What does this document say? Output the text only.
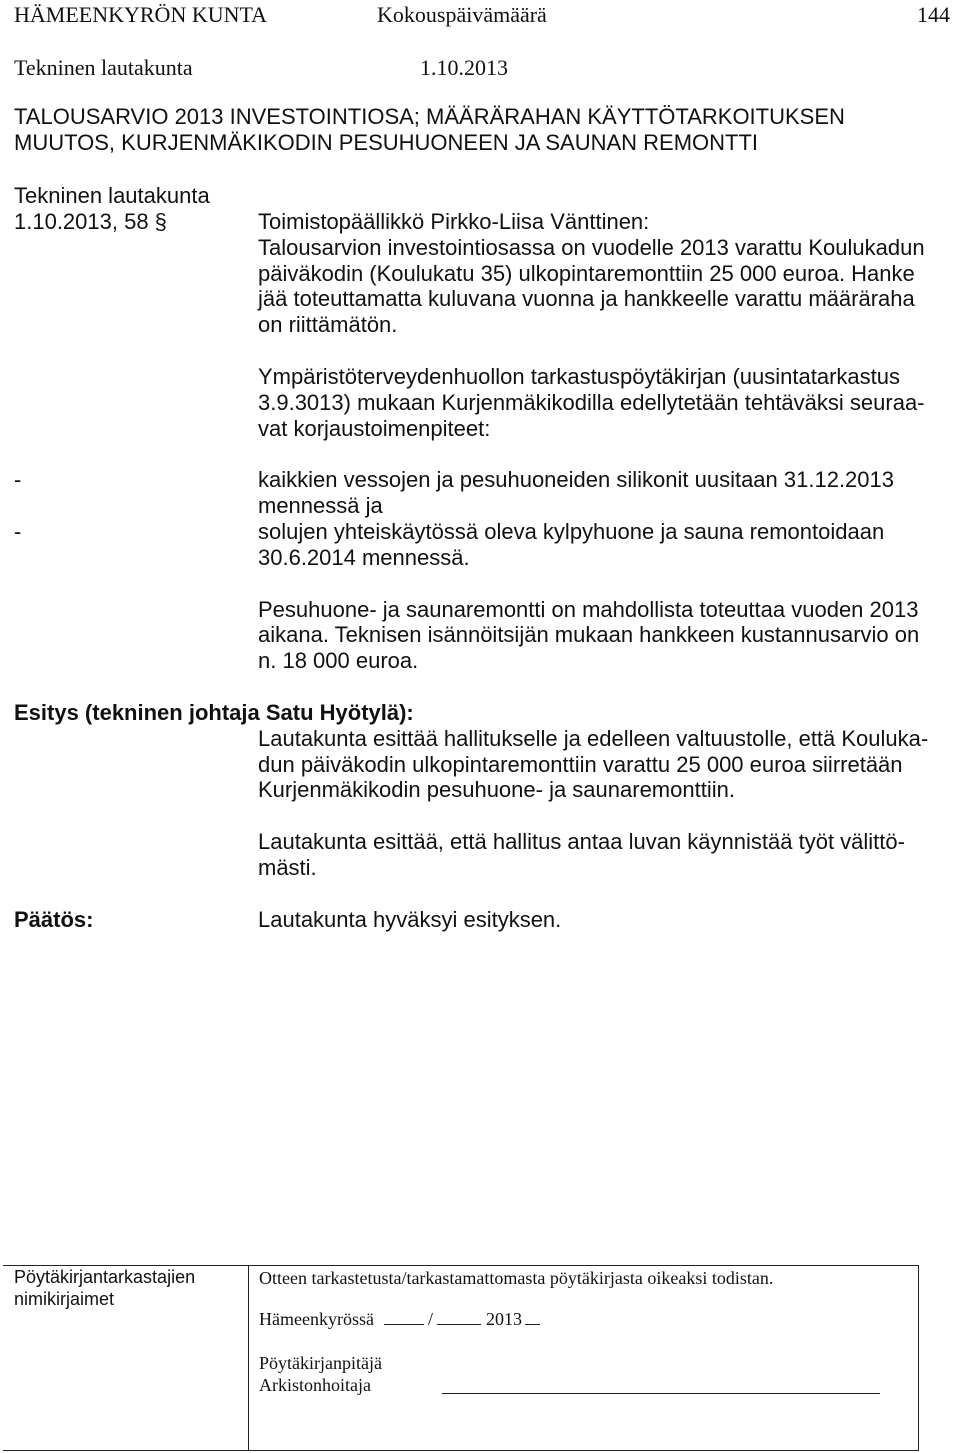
HÄMEENKYRÖN KUNTA	Kokouspäivämäärä	144
Tekninen lautakunta	1.10.2013
TALOUSARVIO 2013 INVESTOINTIOSA; MÄÄRÄRAHAN KÄYTTÖTARKOITUKSEN
MUUTOS, KURJENMÄKIKODIN PESUHUONEEN JA SAUNAN REMONTTI
Tekninen lautakunta
1.10.2013, 58 §	Toimistopäällikkö Pirkko-Liisa Vänttinen:
Talousarvion investointiosassa on vuodelle 2013 varattu Koulukadun
päiväkodin (Koulukatu 35) ulkopintaremonttiin 25 000 euroa. Hanke
jää toteuttamatta kuluvana vuonna ja hankkeelle varattu määräraha
on riittämätön.
Ympäristöterveydenhuollon tarkastuspöytäkirjan (uusintatarkastus
3.9.3013) mukaan Kurjenmäkikodilla edellytetään tehtäväksi seuraa-
vat korjaustoimenpiteet:
-	kaikkien vessojen ja pesuhuoneiden silikonit uusitaan 31.12.2013
mennessä ja
-	solujen yhteiskäytössä oleva kylpyhuone ja sauna remontoidaan
30.6.2014 mennessä.
Pesuhuone- ja saunaremontti on mahdollista toteuttaa vuoden 2013
aikana. Teknisen isännöitsijän mukaan hankkeen kustannusarvio on
n. 18 000 euroa.
Esitys (tekninen johtaja Satu Hyötylä):
Lautakunta esittää hallitukselle ja edelleen valtuustolle, että Kouluka-
dun päiväkodin ulkopintaremonttiin varattu 25 000 euroa siirretään
Kurjenmäkikodin pesuhuone- ja saunaremonttiin.
Lautakunta esittää, että hallitus antaa luvan käynnistää työt välittö-
mästi.
Päätös:	Lautakunta hyväksyi esityksen.
Pöytäkirjantarkastajien
nimikirjaimet
Otteen tarkastetusta/tarkastamattomasta pöytäkirjasta oikeaksi todistan.
Hämeenkyrössä	/	2013
Pöytäkirjanpitäjä
Arkistonhoitaja
